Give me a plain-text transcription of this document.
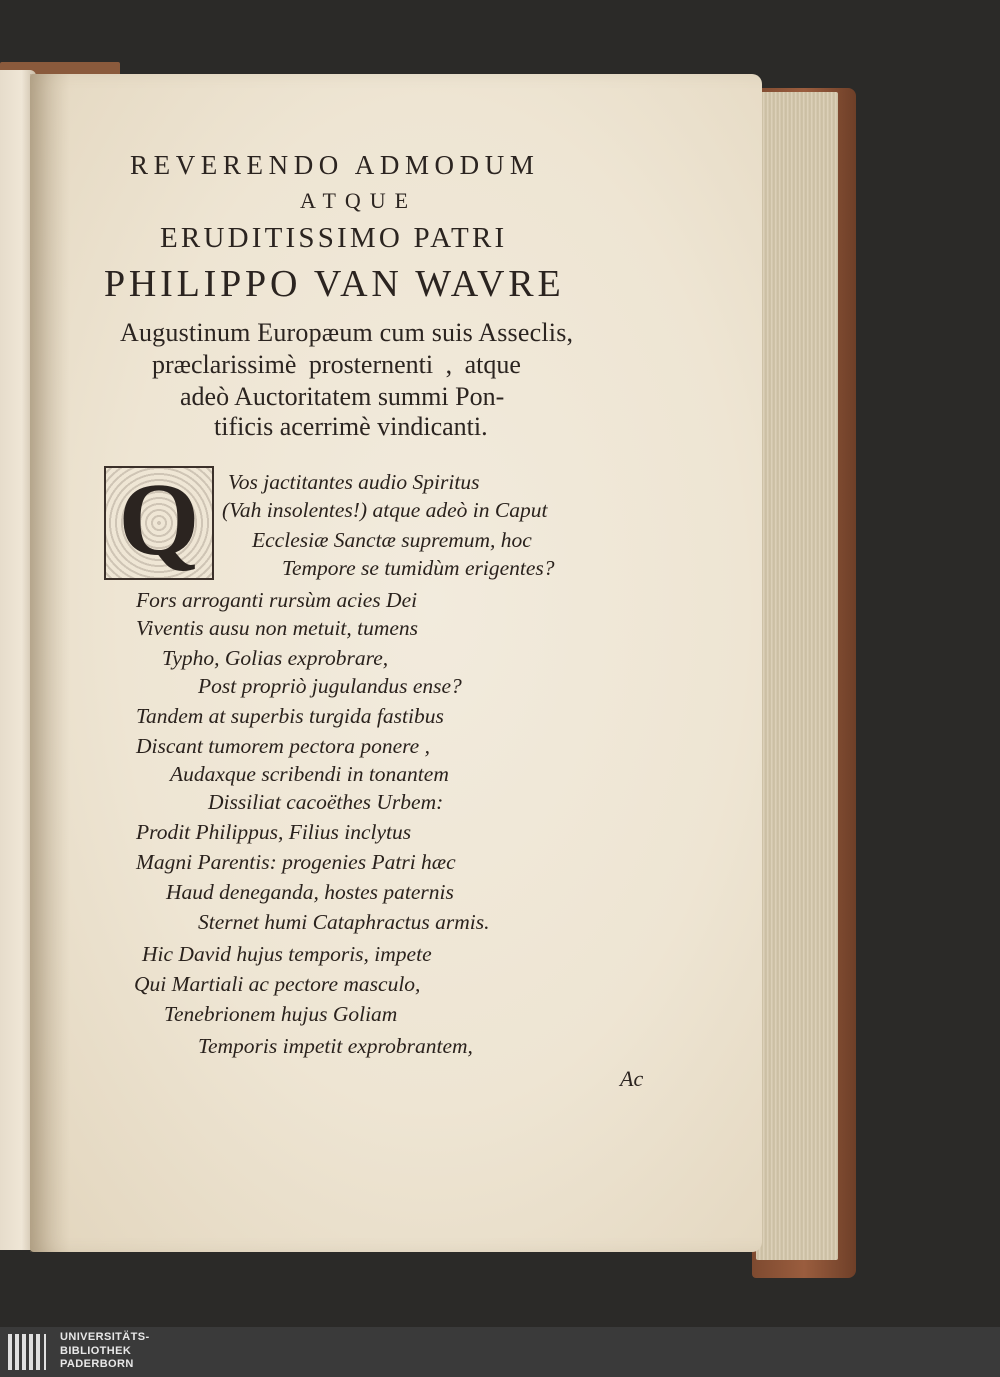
REVERENDO ADMODUM
ATQUE
ERUDITISSIMO PATRI
PHILIPPO VAN WAVRE
Augustinum Europæum cum suis Asseclis,
præclarissimè prosternenti , atque
adeò Auctoritatem summi Pon-
tificis acerrimè vindicanti.
Q Vos jactitantes audio Spiritus
(Vah insolentes!) atque adeò in Caput
Ecclesiæ Sanctæ supremum, hoc
Tempore se tumidùm erigentes?
Fors arroganti rursùm acies Dei
Viventis ausu non metuit, tumens
Typho, Golias exprobrare,
Post propriò jugulandus ense?
Tandem at superbis turgida fastibus
Discant tumorem pectora ponere ,
Audaxque scribendi in tonantem
Dissiliat cacoëthes Urbem:
Prodit Philippus, Filius inclytus
Magni Parentis: progenies Patri hæc
Haud deneganda, hostes paternis
Sternet humi Cataphractus armis.
Hic David hujus temporis, impete
Qui Martiali ac pectore masculo,
Tenebrionem hujus Goliam
Temporis impetit exprobrantem,
Ac
UNIVERSITÄTS-
BIBLIOTHEK
PADERBORN
